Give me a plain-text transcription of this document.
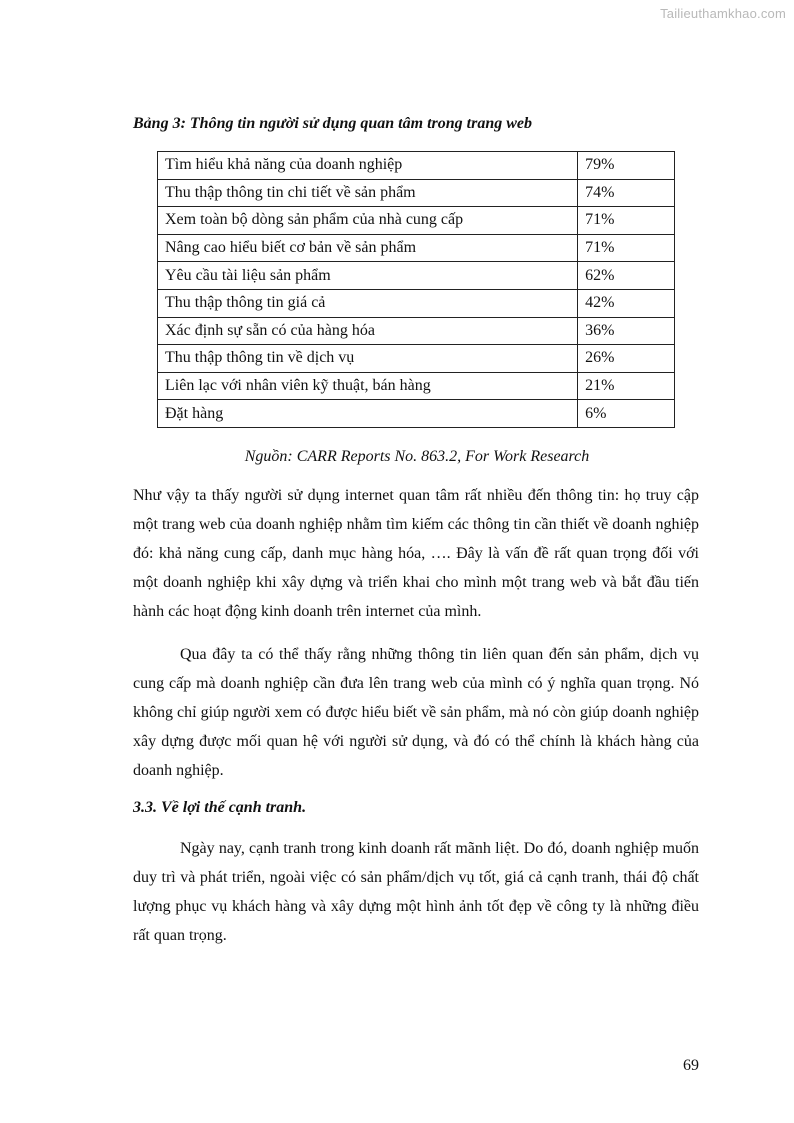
Tailieuthamkhao.com
Bảng 3: Thông tin người sử dụng quan tâm trong trang web
Tìm hiểu khả năng của doanh nghiệp	79%
Thu thập thông tin chi tiết về sản phẩm	74%
Xem toàn bộ dòng sản phẩm của nhà cung cấp	71%
Nâng cao hiểu biết cơ bản về sản phẩm	71%
Yêu cầu tài liệu sản phẩm	62%
Thu thập thông tin giá cả	42%
Xác định sự sẵn có của hàng hóa	36%
Thu thập thông tin về dịch vụ	26%
Liên lạc với nhân viên kỹ thuật, bán hàng	21%
Đặt hàng	6%
Nguồn: CARR Reports No. 863.2, For Work Research

Như vậy ta thấy người sử dụng internet quan tâm rất nhiều đến thông tin: họ truy cập một trang web của doanh nghiệp nhằm tìm kiếm các thông tin cần thiết về doanh nghiệp đó: khả năng cung cấp, danh mục hàng hóa, …. Đây là vấn đề rất quan trọng đối với một doanh nghiệp khi xây dựng và triển khai cho mình một trang web và bắt đầu tiến hành các hoạt động kinh doanh trên internet của mình.

Qua đây ta có thể thấy rằng những thông tin liên quan đến sản phẩm, dịch vụ cung cấp mà doanh nghiệp cần đưa lên trang web của mình có ý nghĩa quan trọng. Nó không chỉ giúp người xem có được hiểu biết về sản phẩm, mà nó còn giúp doanh nghiệp xây dựng được mối quan hệ với người sử dụng, và đó có thể chính là khách hàng của doanh nghiệp.

3.3. Về lợi thế cạnh tranh.

Ngày nay, cạnh tranh trong kinh doanh rất mãnh liệt. Do đó, doanh nghiệp muốn duy trì và phát triển, ngoài việc có sản phẩm/dịch vụ tốt, giá cả cạnh tranh, thái độ chất lượng phục vụ khách hàng và xây dựng một hình ảnh tốt đẹp về công ty là những điều rất quan trọng.

69
